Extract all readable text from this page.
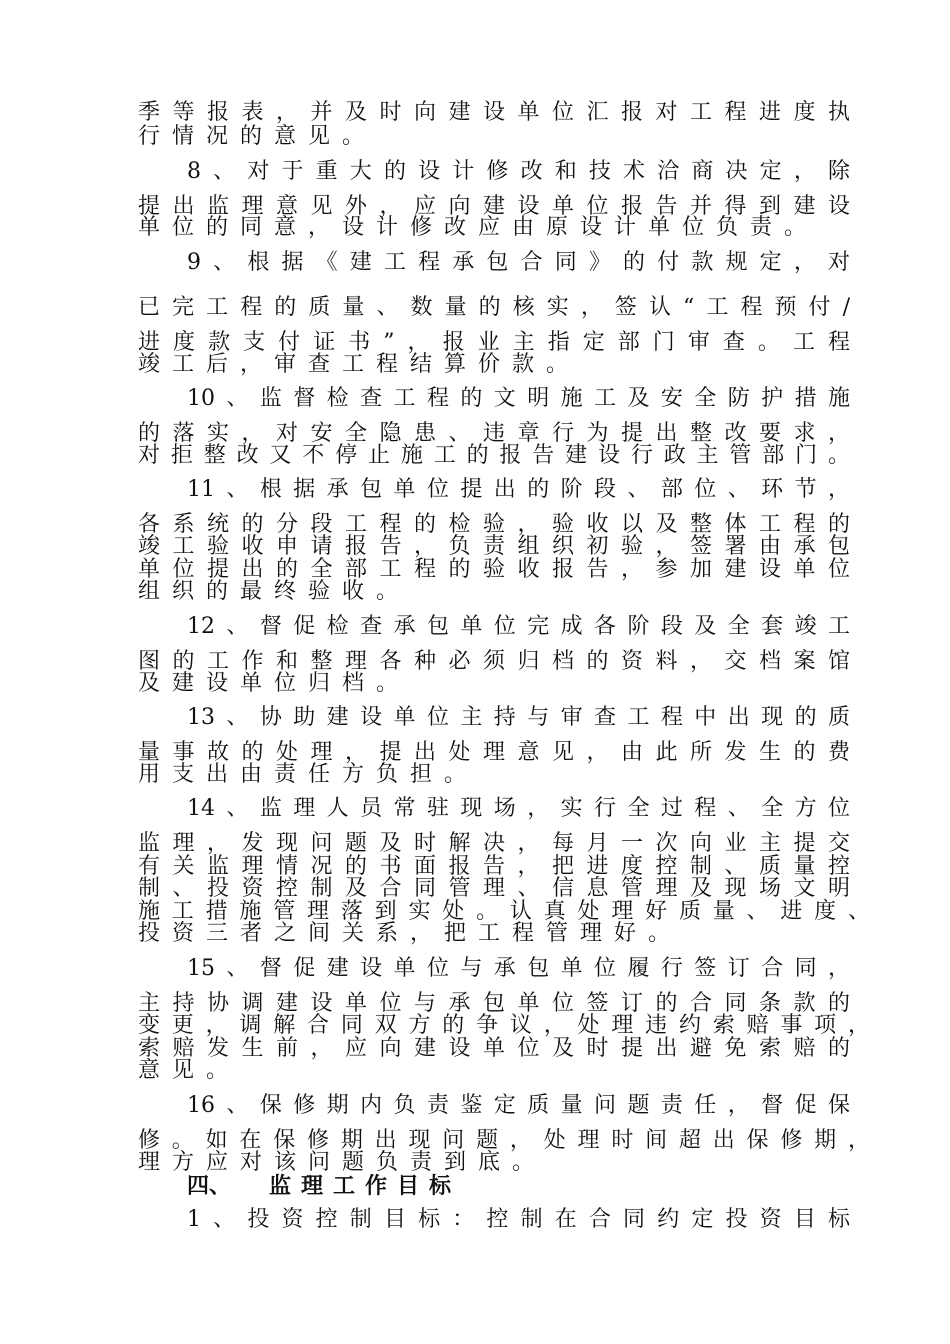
季等报表，并及时向建设单位汇报对工程进度执
行情况的意见。
8、对于重大的设计修改和技术洽商决定，除
提出监理意见外，应向建设单位报告并得到建设
单位的同意，设计修改应由原设计单位负责。
9、根据《建工程承包合同》的付款规定，对
已完工程的质量、数量的核实，签认“工程预付/
进度款支付证书”，报业主指定部门审查。工程
竣工后，审查工程结算价款。
10、监督检查工程的文明施工及安全防护措施
的落实，对安全隐患、违章行为提出整改要求，
对拒整改又不停止施工的报告建设行政主管部门。
11、根据承包单位提出的阶段、部位、环节，
各系统的分段工程的检验，验收以及整体工程的
竣工验收申请报告，负责组织初验，签署由承包
单位提出的全部工程的验收报告，参加建设单位
组织的最终验收。
12、督促检查承包单位完成各阶段及全套竣工
图的工作和整理各种必须归档的资料，交档案馆
及建设单位归档。
13、协助建设单位主持与审查工程中出现的质
量事故的处理，提出处理意见，由此所发生的费
用支出由责任方负担。
14、监理人员常驻现场，实行全过程、全方位
监理，发现问题及时解决，每月一次向业主提交
有关监理情况的书面报告，把进度控制、质量控
制、投资控制及合同管理、信息管理及现场文明
施工措施管理落到实处。认真处理好质量、进度、
投资三者之间关系，把工程管理好。
15、督促建设单位与承包单位履行签订合同，
主持协调建设单位与承包单位签订的合同条款的
变更，调解合同双方的争议，处理违约索赔事项，
索赔发生前，应向建设单位及时提出避免索赔的
意见。
16、保修期内负责鉴定质量问题责任，督促保
修。如在保修期出现问题，处理时间超出保修期，
理方应对该问题负责到底。
四、 监理工作目标
1、投资控制目标：控制在合同约定投资目标
